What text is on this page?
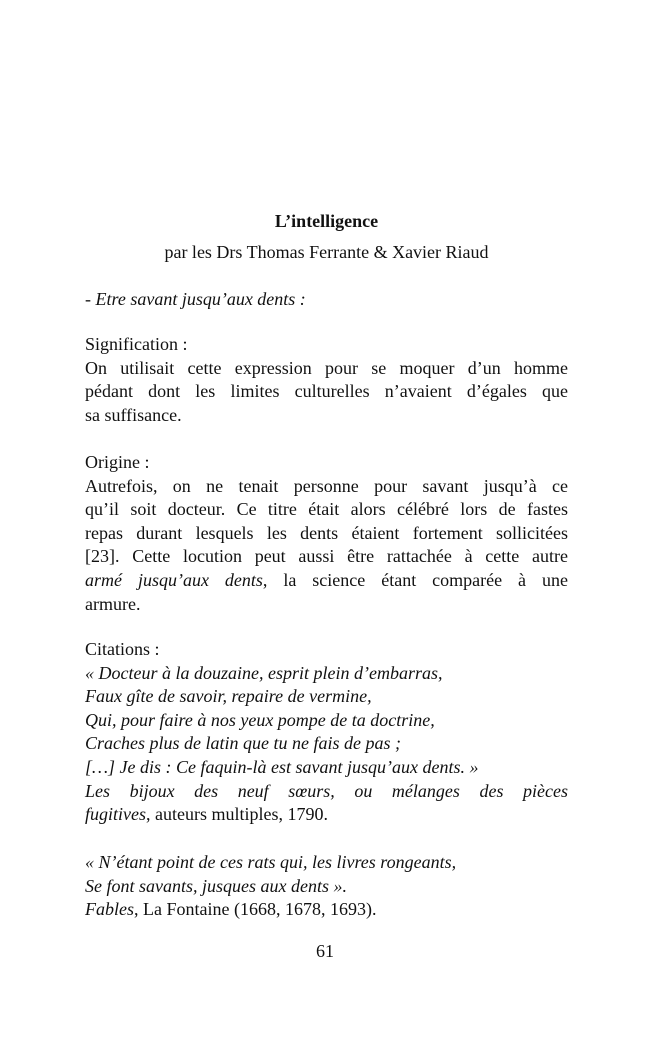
L’intelligence
par les Drs Thomas Ferrante & Xavier Riaud
- Etre savant jusqu’aux dents :
Signification :
On utilisait cette expression pour se moquer d’un homme
pédant dont les limites culturelles n’avaient d’égales que
sa suffisance.
Origine :
Autrefois, on ne tenait personne pour savant jusqu’à ce
qu’il soit docteur. Ce titre était alors célébré lors de fastes
repas durant lesquels les dents étaient fortement sollicitées
[23]. Cette locution peut aussi être rattachée à cette autre
armé jusqu’aux dents, la science étant comparée à une
armure.
Citations :
« Docteur à la douzaine, esprit plein d’embarras,
Faux gîte de savoir, repaire de vermine,
Qui, pour faire à nos yeux pompe de ta doctrine,
Craches plus de latin que tu ne fais de pas ;
[…] Je dis : Ce faquin-là est savant jusqu’aux dents. »
Les bijoux des neuf sœurs, ou mélanges des pièces
fugitives, auteurs multiples, 1790.
« N’étant point de ces rats qui, les livres rongeants,
Se font savants, jusques aux dents ».
Fables, La Fontaine (1668, 1678, 1693).
61
